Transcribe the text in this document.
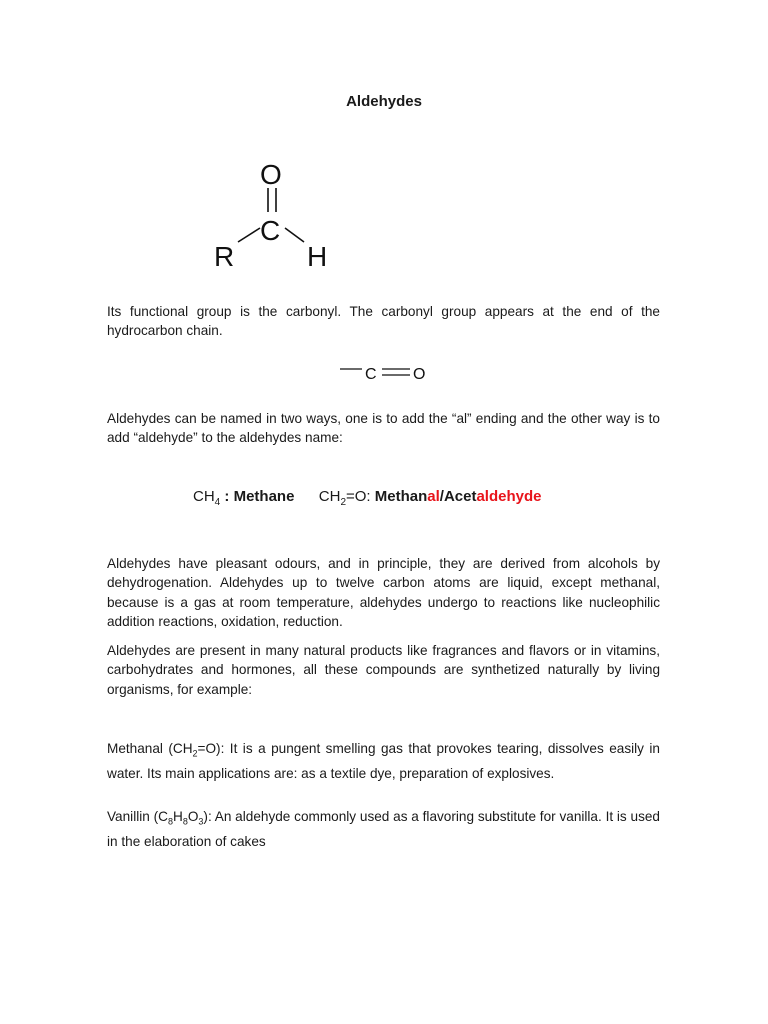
Aldehydes
O
C
R	H

Its functional group is the carbonyl. The carbonyl group appears at the end of the hydrocarbon chain.

C O

Aldehydes can be named in two ways, one is to add the “al” ending and the other way is to add “aldehyde” to the aldehydes name:

$CH_4$ : Methane $CH_2=O$: Methanal/Acetaldehyde

Aldehydes have pleasant odours, and in principle, they are derived from alcohols by dehydrogenation. Aldehydes up to twelve carbon atoms are liquid, except methanal, because is a gas at room temperature, aldehydes undergo to reactions like nucleophilic addition reactions, oxidation, reduction.

Aldehydes are present in many natural products like fragrances and flavors or in vitamins, carbohydrates and hormones, all these compounds are synthetized naturally by living organisms, for example:

Methanal $(CH_2=O)$: It is a pungent smelling gas that provokes tearing, dissolves easily in water. Its main applications are: as a textile dye, preparation of explosives.

Vanillin $(C_8H_8O_3)$: An aldehyde commonly used as a flavoring substitute for vanilla. It is used in the elaboration of cakes
